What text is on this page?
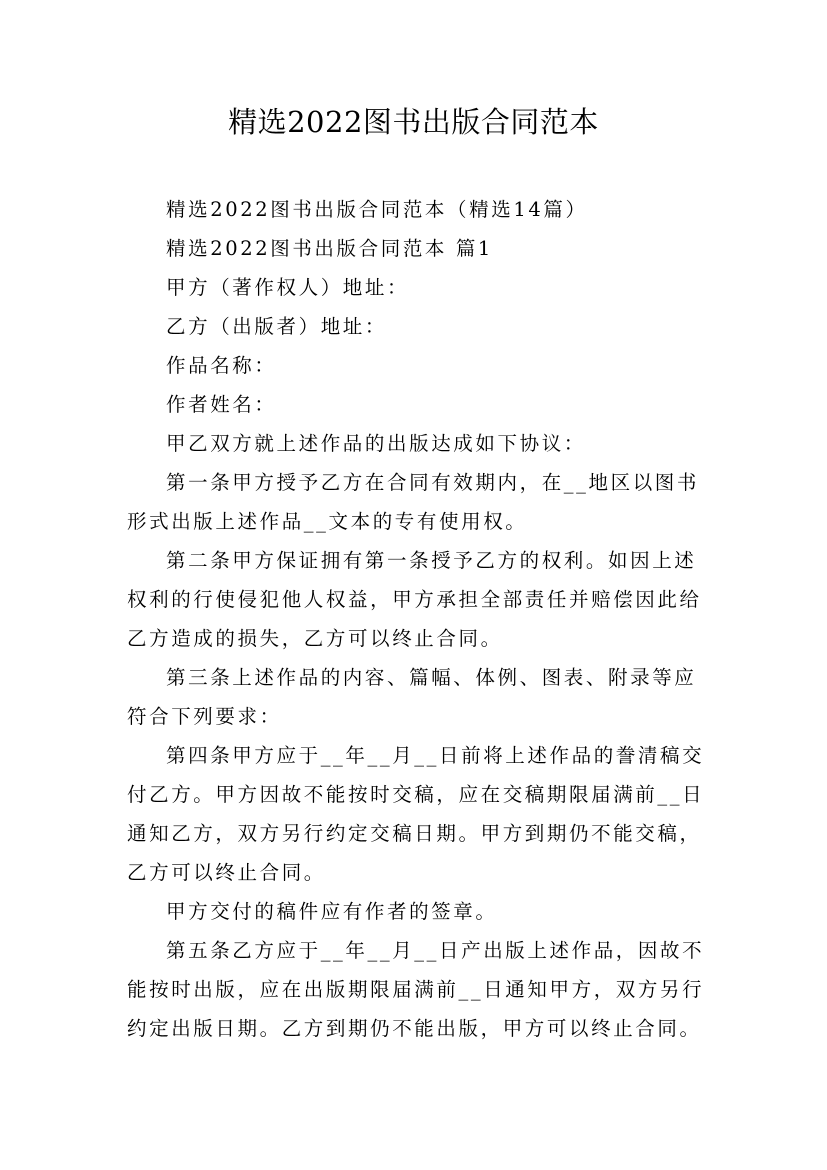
精选2022图书出版合同范本

精选2022图书出版合同范本（精选14篇）

精选2022图书出版合同范本 篇1

甲方（著作权人）地址：

乙方（出版者）地址：

作品名称：

作者姓名：

甲乙双方就上述作品的出版达成如下协议：

第一条甲方授予乙方在合同有效期内，在__地区以图书形式出版上述作品__文本的专有使用权。

第二条甲方保证拥有第一条授予乙方的权利。如因上述权利的行使侵犯他人权益，甲方承担全部责任并赔偿因此给乙方造成的损失，乙方可以终止合同。

第三条上述作品的内容、篇幅、体例、图表、附录等应符合下列要求：

第四条甲方应于__年__月__日前将上述作品的誊清稿交付乙方。甲方因故不能按时交稿，应在交稿期限届满前__日通知乙方，双方另行约定交稿日期。甲方到期仍不能交稿，乙方可以终止合同。

甲方交付的稿件应有作者的签章。

第五条乙方应于__年__月__日产出版上述作品，因故不能按时出版，应在出版期限届满前__日通知甲方，双方另行约定出版日期。乙方到期仍不能出版，甲方可以终止合同。
